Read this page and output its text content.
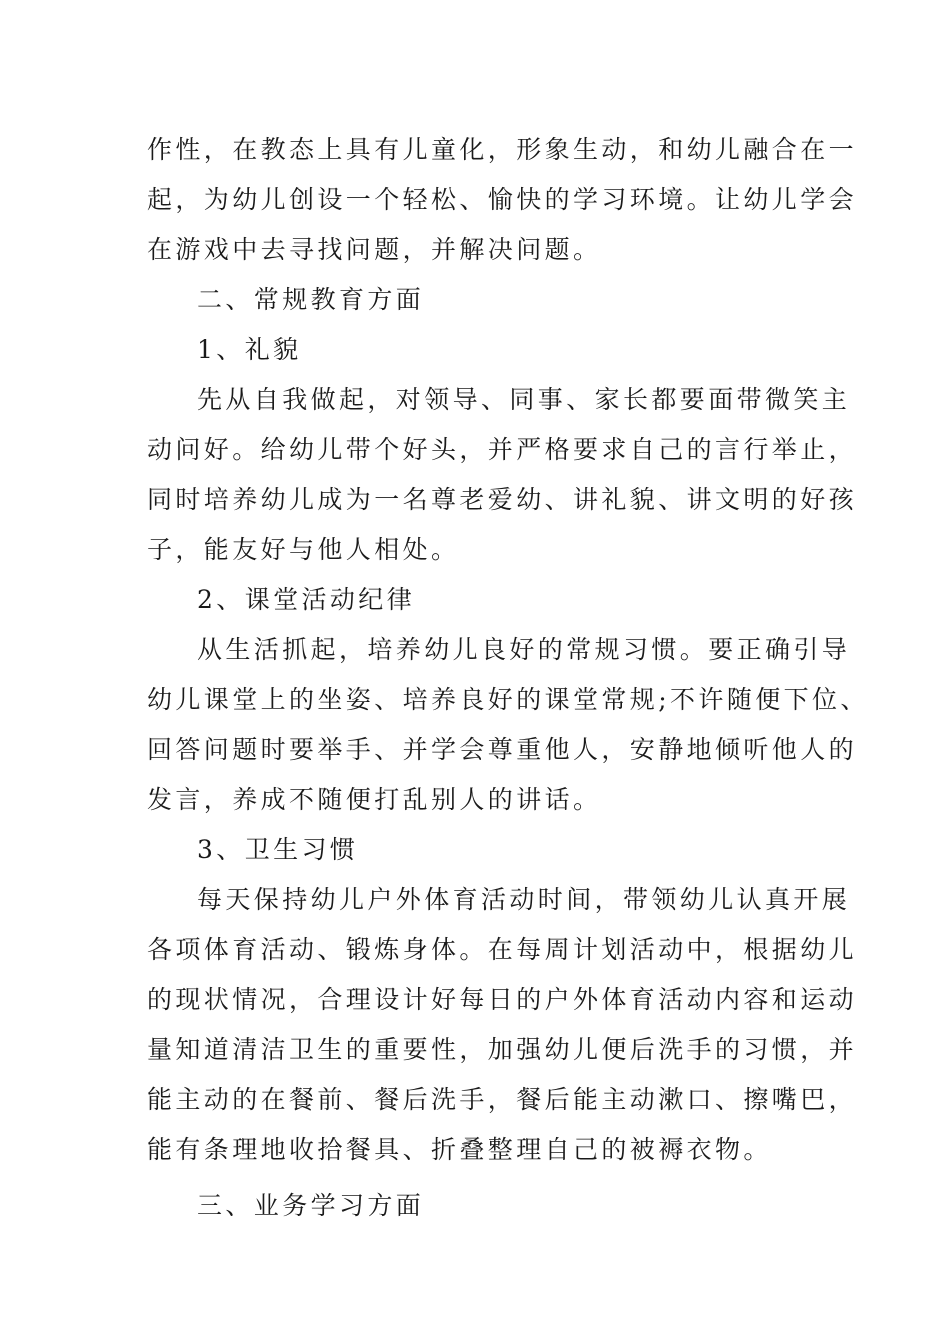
作性，在教态上具有儿童化，形象生动，和幼儿融合在一
起，为幼儿创设一个轻松、愉快的学习环境。让幼儿学会
在游戏中去寻找问题，并解决问题。
二、常规教育方面
1、礼貌
先从自我做起，对领导、同事、家长都要面带微笑主
动问好。给幼儿带个好头，并严格要求自己的言行举止，
同时培养幼儿成为一名尊老爱幼、讲礼貌、讲文明的好孩
子，能友好与他人相处。
2、课堂活动纪律
从生活抓起，培养幼儿良好的常规习惯。要正确引导
幼儿课堂上的坐姿、培养良好的课堂常规;不许随便下位、
回答问题时要举手、并学会尊重他人，安静地倾听他人的
发言，养成不随便打乱别人的讲话。
3、卫生习惯
每天保持幼儿户外体育活动时间，带领幼儿认真开展
各项体育活动、锻炼身体。在每周计划活动中，根据幼儿
的现状情况，合理设计好每日的户外体育活动内容和运动
量知道清洁卫生的重要性，加强幼儿便后洗手的习惯，并
能主动的在餐前、餐后洗手，餐后能主动漱口、擦嘴巴，
能有条理地收拾餐具、折叠整理自己的被褥衣物。
三、业务学习方面
